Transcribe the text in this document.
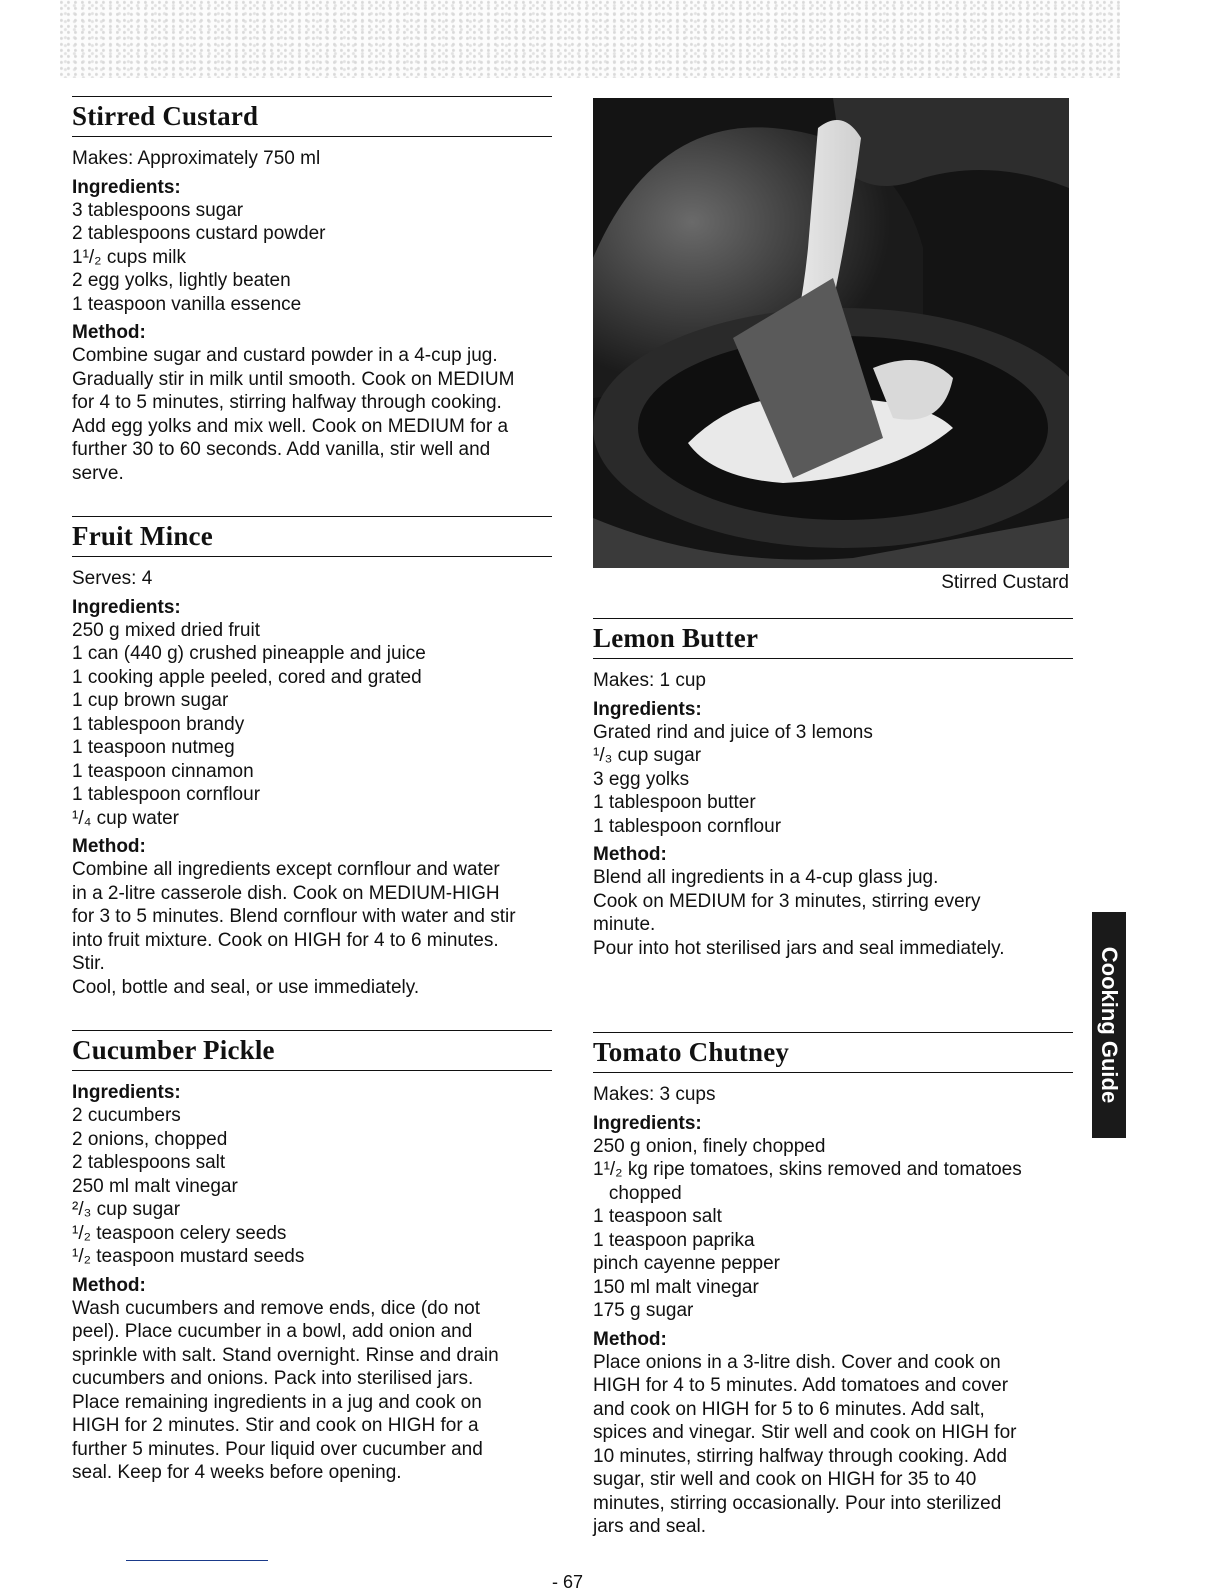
Stirred Custard
Makes: Approximately 750 ml
Ingredients:
3 tablespoons sugar
2 tablespoons custard powder
1¹/₂ cups milk
2 egg yolks, lightly beaten
1 teaspoon vanilla essence
Method:
Combine sugar and custard powder in a 4-cup jug.
Gradually stir in milk until smooth. Cook on MEDIUM
for 4 to 5 minutes, stirring halfway through cooking.
Add egg yolks and mix well. Cook on MEDIUM for a
further 30 to 60 seconds. Add vanilla, stir well and
serve.
Fruit Mince
Serves: 4
Ingredients:
250 g mixed dried fruit
1 can (440 g) crushed pineapple and juice
1 cooking apple peeled, cored and grated
1 cup brown sugar
1 tablespoon brandy
1 teaspoon nutmeg
1 teaspoon cinnamon
1 tablespoon cornflour
¹/₄ cup water
Method:
Combine all ingredients except cornflour and water
in a 2-litre casserole dish. Cook on MEDIUM-HIGH
for 3 to 5 minutes. Blend cornflour with water and stir
into fruit mixture. Cook on HIGH for 4 to 6 minutes.
Stir.
Cool, bottle and seal, or use immediately.
Cucumber Pickle
Ingredients:
2 cucumbers
2 onions, chopped
2 tablespoons salt
250 ml malt vinegar
²/₃ cup sugar
¹/₂ teaspoon celery seeds
¹/₂ teaspoon mustard seeds
Method:
Wash cucumbers and remove ends, dice (do not
peel). Place cucumber in a bowl, add onion and
sprinkle with salt. Stand overnight. Rinse and drain
cucumbers and onions. Pack into sterilised jars.
Place remaining ingredients in a jug and cook on
HIGH for 2 minutes. Stir and cook on HIGH for a
further 5 minutes. Pour liquid over cucumber and
seal. Keep for 4 weeks before opening.
Stirred Custard
Lemon Butter
Makes: 1 cup
Ingredients:
Grated rind and juice of 3 lemons
¹/₃ cup sugar
3 egg yolks
1 tablespoon butter
1 tablespoon cornflour
Method:
Blend all ingredients in a 4-cup glass jug.
Cook on MEDIUM for 3 minutes, stirring every
minute.
Pour into hot sterilised jars and seal immediately.
Tomato Chutney
Makes: 3 cups
Ingredients:
250 g onion, finely chopped
1¹/₂ kg ripe tomatoes, skins removed and tomatoes
chopped
1 teaspoon salt
1 teaspoon paprika
pinch cayenne pepper
150 ml malt vinegar
175 g sugar
Method:
Place onions in a 3-litre dish. Cover and cook on
HIGH for 4 to 5 minutes. Add tomatoes and cover
and cook on HIGH for 5 to 6 minutes. Add salt,
spices and vinegar. Stir well and cook on HIGH for
10 minutes, stirring halfway through cooking. Add
sugar, stir well and cook on HIGH for 35 to 40
minutes, stirring occasionally. Pour into sterilized
jars and seal.
Cooking Guide
- 67
